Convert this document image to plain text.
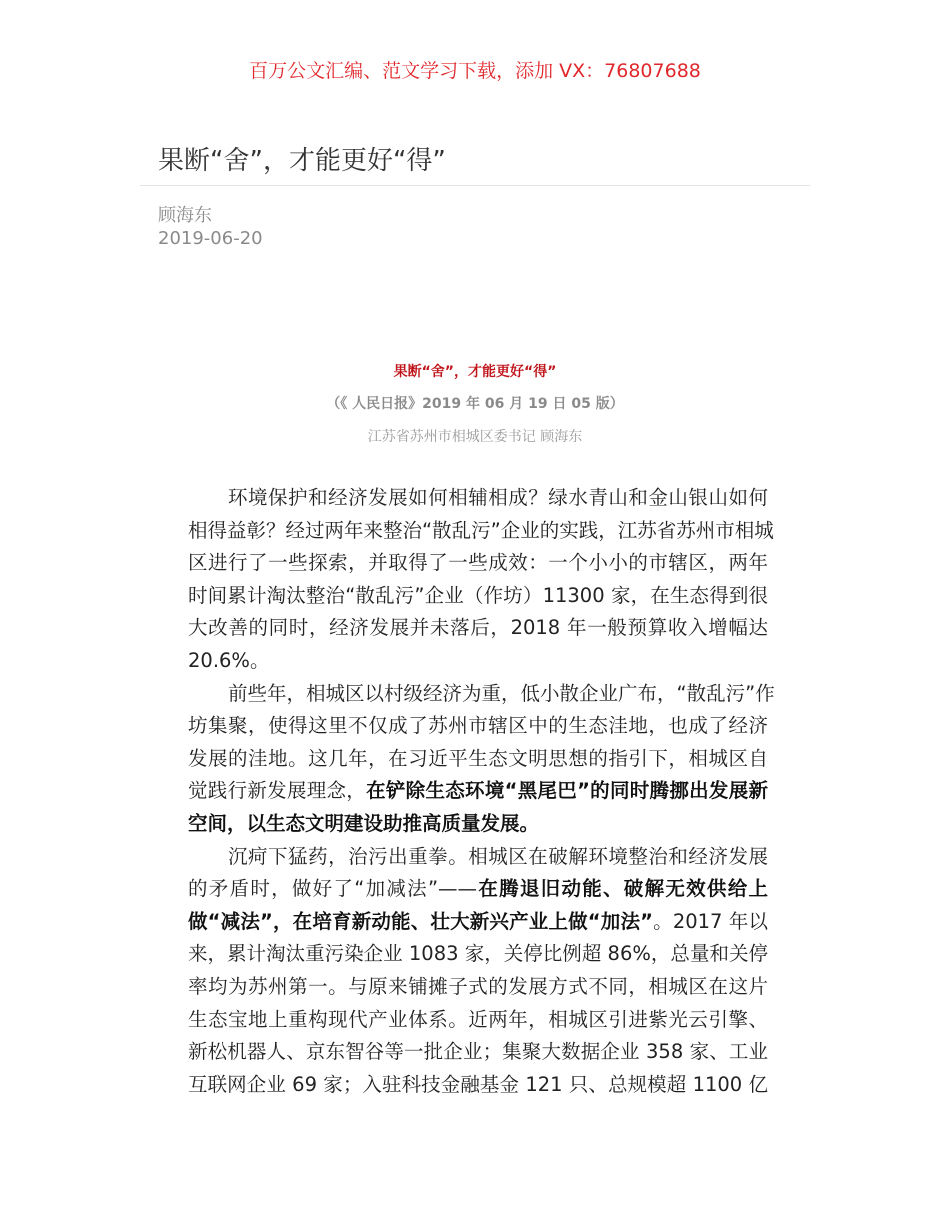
百万公文汇编、范文学习下载，添加 VX：76807688
果断“舍”，才能更好“得”
顾海东
2019-06-20
果断“舍”，才能更好“得”
（《 人民日报》2019 年 06 月 19 日 05 版）
江苏省苏州市相城区委书记 顾海东
环境保护和经济发展如何相辅相成？绿水青山和金山银山如何
相得益彰？经过两年来整治“散乱污”企业的实践，江苏省苏州市相城
区进行了一些探索，并取得了一些成效：一个小小的市辖区，两年
时间累计淘汰整治“散乱污”企业（作坊）11300 家，在生态得到很
大改善的同时，经济发展并未落后，2018 年一般预算收入增幅达
20.6%。
前些年，相城区以村级经济为重，低小散企业广布，“散乱污”作
坊集聚，使得这里不仅成了苏州市辖区中的生态洼地，也成了经济
发展的洼地。这几年，在习近平生态文明思想的指引下，相城区自
觉践行新发展理念，在铲除生态环境“黑尾巴”的同时腾挪出发展新
空间，以生态文明建设助推高质量发展。
沉疴下猛药，治污出重拳。相城区在破解环境整治和经济发展
的矛盾时，做好了“加减法”——在腾退旧动能、破解无效供给上
做“减法”，在培育新动能、壮大新兴产业上做“加法”。2017 年以
来，累计淘汰重污染企业 1083 家，关停比例超 86%，总量和关停
率均为苏州第一。与原来铺摊子式的发展方式不同，相城区在这片
生态宝地上重构现代产业体系。近两年，相城区引进紫光云引擎、
新松机器人、京东智谷等一批企业；集聚大数据企业 358 家、工业
互联网企业 69 家；入驻科技金融基金 121 只、总规模超 1100 亿
